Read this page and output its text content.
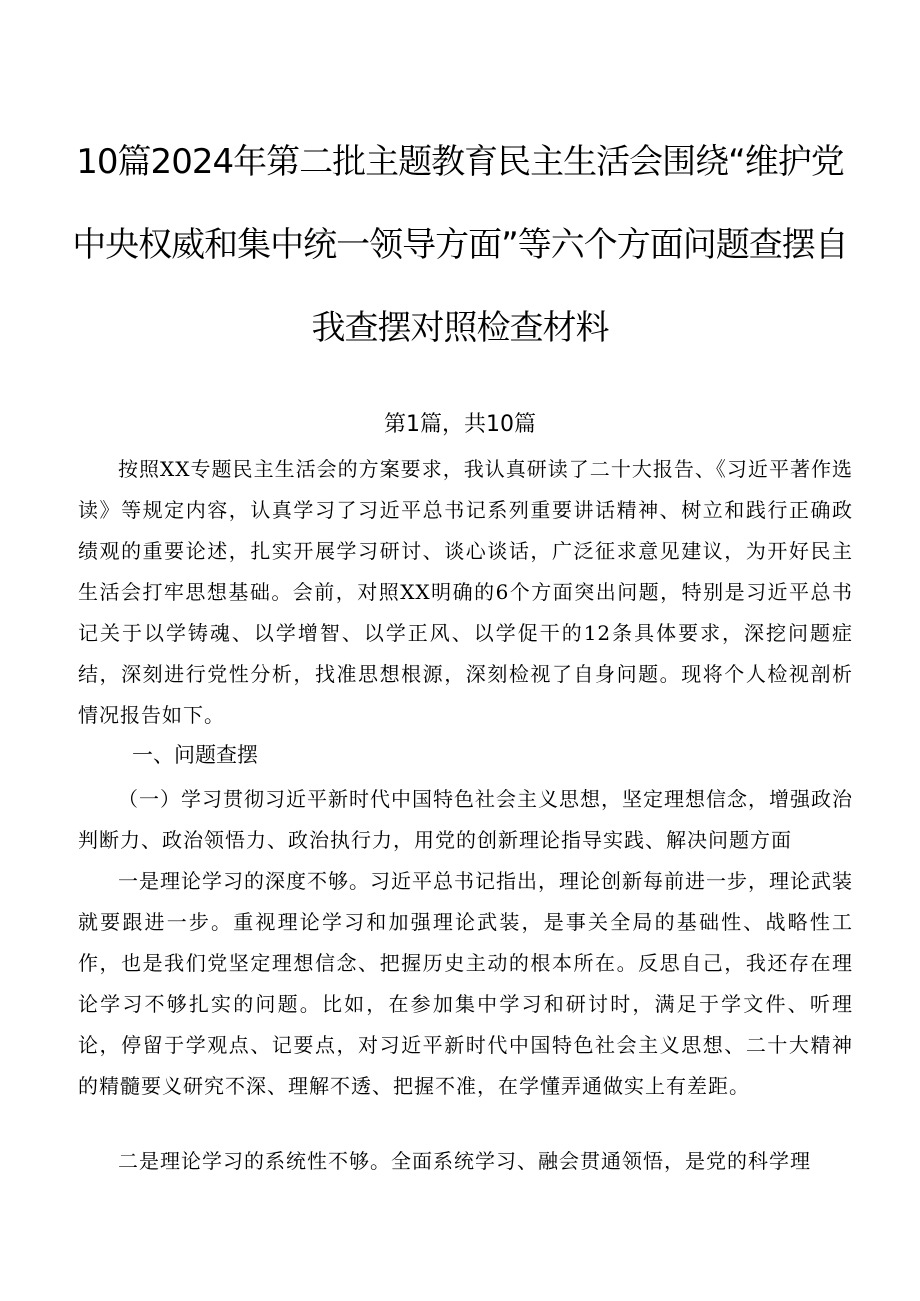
10篇2024年第二批主题教育民主生活会围绕“维护党
中央权威和集中统一领导方面”等六个方面问题查摆自
我查摆对照检查材料
第1篇，共10篇

按照XX专题民主生活会的方案要求，我认真研读了二十大报告、《习近平著作选读》等规定内容，认真学习了习近平总书记系列重要讲话精神、树立和践行正确政绩观的重要论述，扎实开展学习研讨、谈心谈话，广泛征求意见建议，为开好民主生活会打牢思想基础。会前，对照XX明确的6个方面突出问题，特别是习近平总书记关于以学铸魂、以学增智、以学正风、以学促干的12条具体要求，深挖问题症结，深刻进行党性分析，找准思想根源，深刻检视了自身问题。现将个人检视剖析情况报告如下。

一、问题查摆

（一）学习贯彻习近平新时代中国特色社会主义思想，坚定理想信念，增强政治判断力、政治领悟力、政治执行力，用党的创新理论指导实践、解决问题方面

一是理论学习的深度不够。习近平总书记指出，理论创新每前进一步，理论武装就要跟进一步。重视理论学习和加强理论武装，是事关全局的基础性、战略性工作，也是我们党坚定理想信念、把握历史主动的根本所在。反思自己，我还存在理论学习不够扎实的问题。比如，在参加集中学习和研讨时，满足于学文件、听理论，停留于学观点、记要点，对习近平新时代中国特色社会主义思想、二十大精神的精髓要义研究不深、理解不透、把握不准，在学懂弄通做实上有差距。

二是理论学习的系统性不够。全面系统学习、融会贯通领悟，是党的科学理
